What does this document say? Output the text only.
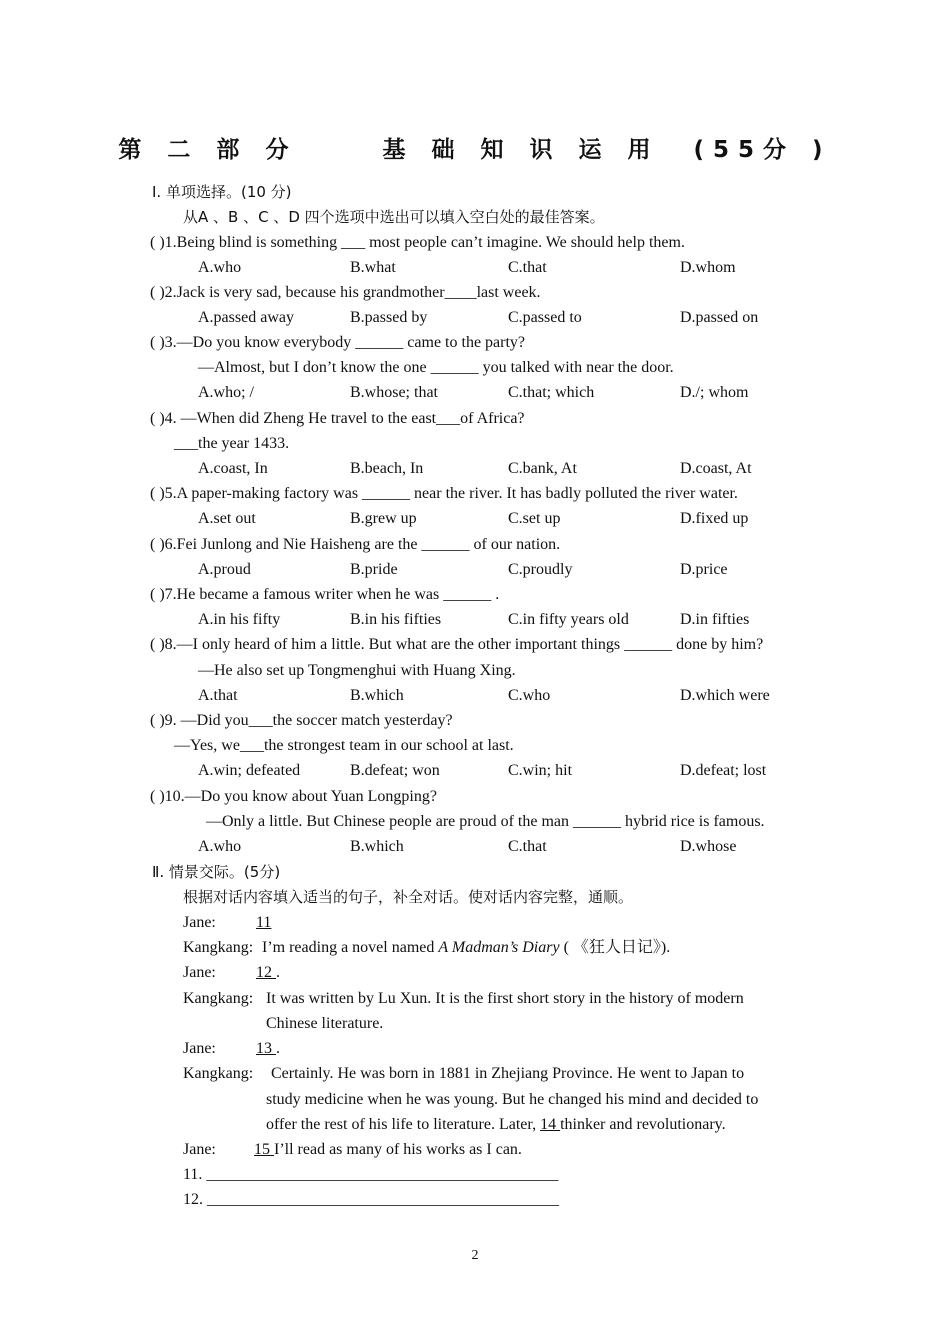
第 二 部 分     基 础 知 识 运 用  (55分 )
Ⅰ. 单项选择。(10 分)
从A 、B 、C 、D 四个选项中选出可以填入空白处的最佳答案。
( )1.Being blind is something ___ most people can’t imagine. We should help them.
A.who	B.what	C.that	D.whom
( )2.Jack is very sad, because his grandmother____last week.
A.passed away	B.passed by	C.passed to	D.passed on
( )3.—Do you know everybody ______ came to the party?
—Almost, but I don’t know the one ______ you talked with near the door.
A.who; /	B.whose; that	C.that; which	D./; whom
( )4. —When did Zheng He travel to the east___of Africa?
___the year 1433.
A.coast, In	B.beach, In	C.bank, At	D.coast, At
( )5.A paper-making factory was ______ near the river. It has badly polluted the river water.
A.set out	B.grew up	C.set up	D.fixed up
( )6.Fei Junlong and Nie Haisheng are the ______ of our nation.
A.proud	B.pride	C.proudly	D.price
( )7.He became a famous writer when he was ______ .
A.in his fifty	B.in his fifties	C.in fifty years old	D.in fifties
( )8.—I only heard of him a little. But what are the other important things ______ done by him?
—He also set up Tongmenghui with Huang Xing.
A.that	B.which	C.who	D.which were
( )9. —Did you___the soccer match yesterday?
—Yes, we___the strongest team in our school at last.
A.win; defeated	B.defeat; won	C.win; hit	D.defeat; lost
( )10.—Do you know about Yuan Longping?
—Only a little. But Chinese people are proud of the man ______ hybrid rice is famous.
A.who	B.which	C.that	D.whose
Ⅱ. 情景交际。(5分)
根据对话内容填入适当的句子，补全对话。使对话内容完整，通顺。
Jane:	11
Kangkang: I’m reading a novel named A Madman’s Diary ( 《狂人日记》).
Jane:	12 .
Kangkang: It was written by Lu Xun. It is the first short story in the history of modern
Chinese literature.
Jane:	13 .
Kangkang: Certainly. He was born in 1881 in Zhejiang Province. He went to Japan to
study medicine when he was young. But he changed his mind and decided to
offer the rest of his life to literature. Later, 14 thinker and revolutionary.
Jane: 15 I’ll read as many of his works as I can.
11. ____________________________________________
12. ____________________________________________
2
